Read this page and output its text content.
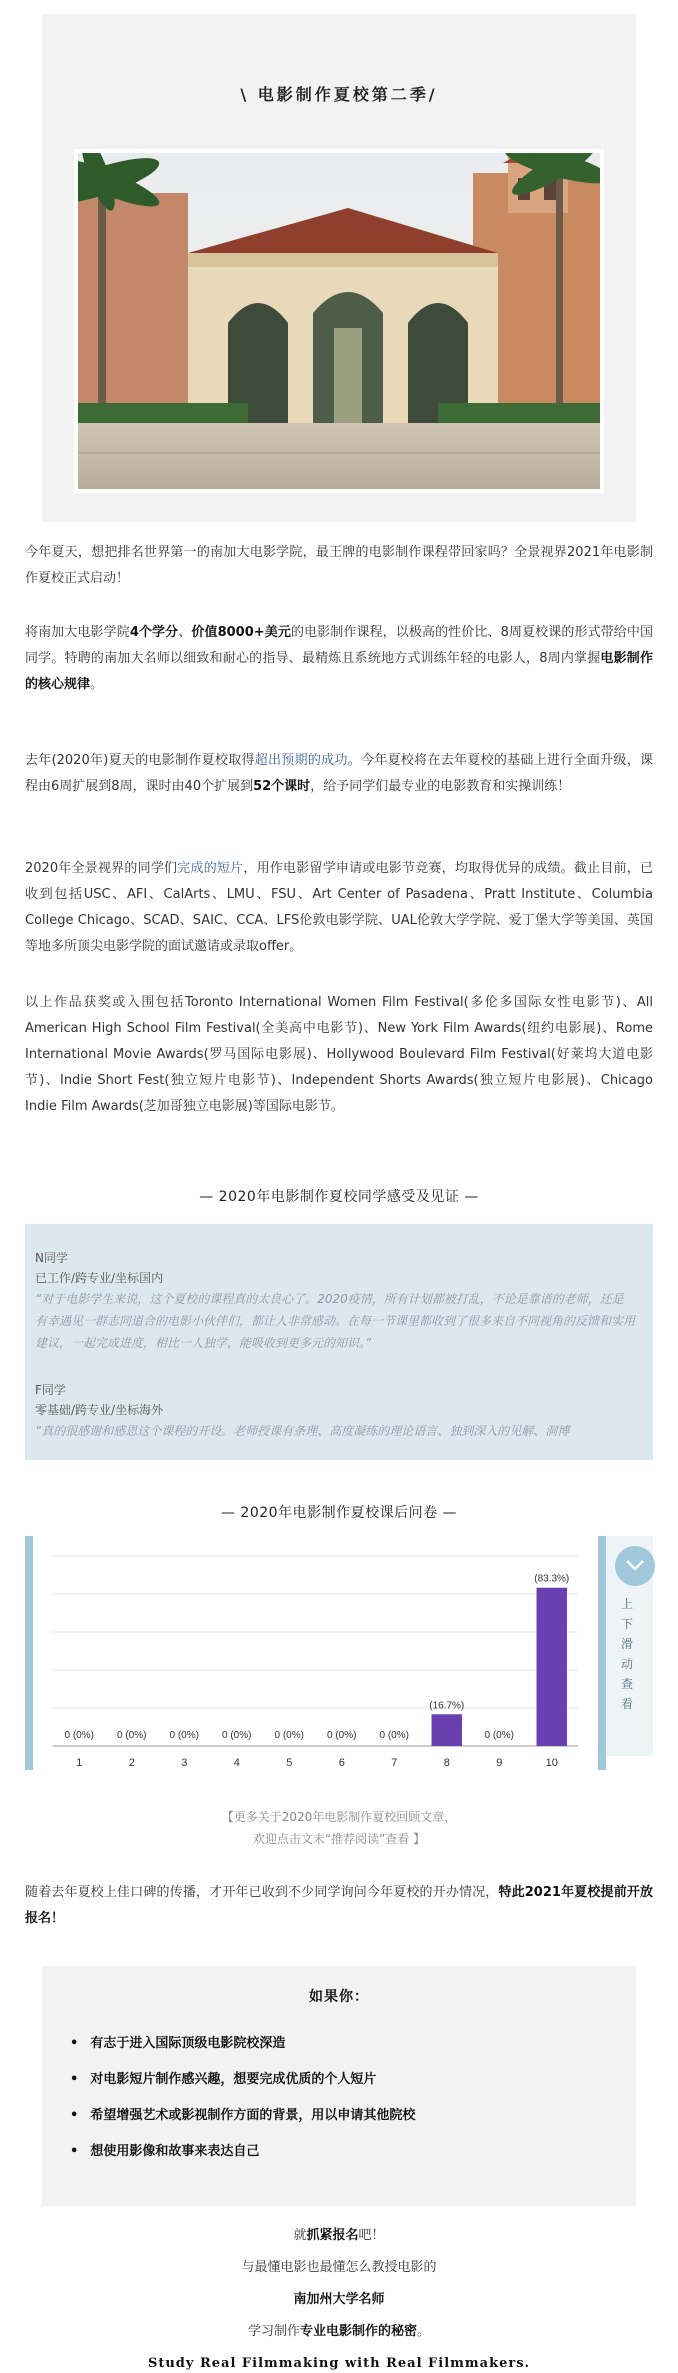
\ 电影制作夏校第二季/
今年夏天，想把排名世界第一的南加大电影学院，最王牌的电影制作课程带回家吗？全景视界2021年电影制作夏校正式启动！
将南加大电影学院4个学分、价值8000+美元的电影制作课程，以极高的性价比、8周夏校课的形式带给中国同学。特聘的南加大名师以细致和耐心的指导、最精炼且系统地方式训练年轻的电影人，8周内掌握电影制作的核心规律。
去年(2020年)夏天的电影制作夏校取得超出预期的成功。今年夏校将在去年夏校的基础上进行全面升级，课程由6周扩展到8周，课时由40个扩展到52个课时，给予同学们最专业的电影教育和实操训练！
2020年全景视界的同学们完成的短片，用作电影留学申请或电影节竞赛，均取得优异的成绩。截止目前，已收到包括USC、AFI、CalArts、LMU、FSU、Art Center of Pasadena、Pratt Institute、Columbia College Chicago、SCAD、SAIC、CCA、LFS伦敦电影学院、UAL伦敦大学学院、爱丁堡大学等美国、英国等地多所顶尖电影学院的面试邀请或录取offer。
以上作品获奖或入围包括Toronto International Women Film Festival(多伦多国际女性电影节)、All American High School Film Festival(全美高中电影节)、New York Film Awards(纽约电影展)、Rome International Movie Awards(罗马国际电影展)、Hollywood Boulevard Film Festival(好莱坞大道电影节)、Indie Short Fest(独立短片电影节)、Independent Shorts Awards(独立短片电影展)、Chicago Indie Film Awards(芝加哥独立电影展)等国际电影节。
— 2020年电影制作夏校同学感受及见证 —
N同学
已工作/跨专业/坐标国内
“对于电影学生来说，这个夏校的课程真的太良心了。2020疫情，所有计划都被打乱，不论是靠谱的老师，还是有幸遇见一群志同道合的电影小伙伴们，都让人非常感动。在每一节课里都收到了很多来自不同视角的反馈和实用建议，一起完成进度，相比一人独学，能吸收到更多元的知识。”
F同学
零基础/跨专业/坐标海外
“真的很感谢和感恩这个课程的开设。老师授课有条理、高度凝练的理论语言、独到深入的见解、洞博
— 2020年电影制作夏校课后问卷 —
0 (0%)
1
0 (0%)
2
0 (0%)
3
0 (0%)
4
0 (0%)
5
0 (0%)
6
0 (0%)
7
(16.7%)
8
0 (0%)
9
(83.3%)
10
上
下
滑
动
查
看
【更多关于2020年电影制作夏校回顾文章，
欢迎点击文末“推荐阅读”查看 】
随着去年夏校上佳口碑的传播，才开年已收到不少同学询问今年夏校的开办情况，特此2021年夏校提前开放报名！
如果你：
• 有志于进入国际顶级电影院校深造
• 对电影短片制作感兴趣，想要完成优质的个人短片
• 希望增强艺术或影视制作方面的背景，用以申请其他院校
• 想使用影像和故事来表达自己
就抓紧报名吧！
与最懂电影也最懂怎么教授电影的
南加州大学名师
学习制作专业电影制作的秘密。
Study Real Filmmaking with Real Filmmakers.
